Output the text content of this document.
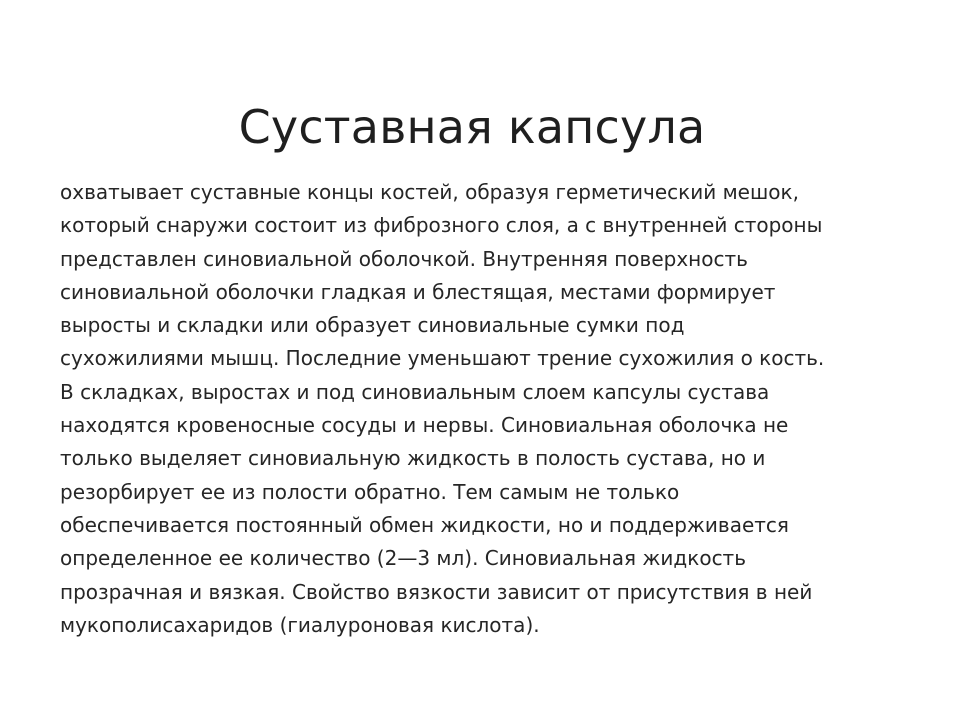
Суставная капсула
охватывает суставные концы костей, образуя герметический мешок,
который снаружи состоит из фиброзного слоя, а с внутренней стороны
представлен синовиальной оболочкой. Внутренняя поверхность
синовиальной оболочки гладкая и блестящая, местами формирует
выросты и складки или образует синовиальные сумки под
сухожилиями мышц. Последние уменьшают трение сухожилия о кость.
В складках, выростах и под синовиальным слоем капсулы сустава
находятся кровеносные сосуды и нервы. Синовиальная оболочка не
только выделяет синовиальную жидкость в полость сустава, но и
резорбирует ее из полости обратно. Тем самым не только
обеспечивается постоянный обмен жидкости, но и поддерживается
определенное ее количество (2—3 мл). Синовиальная жидкость
прозрачная и вязкая. Свойство вязкости зависит от присутствия в ней
мукополисахаридов (гиалуроновая кислота).
